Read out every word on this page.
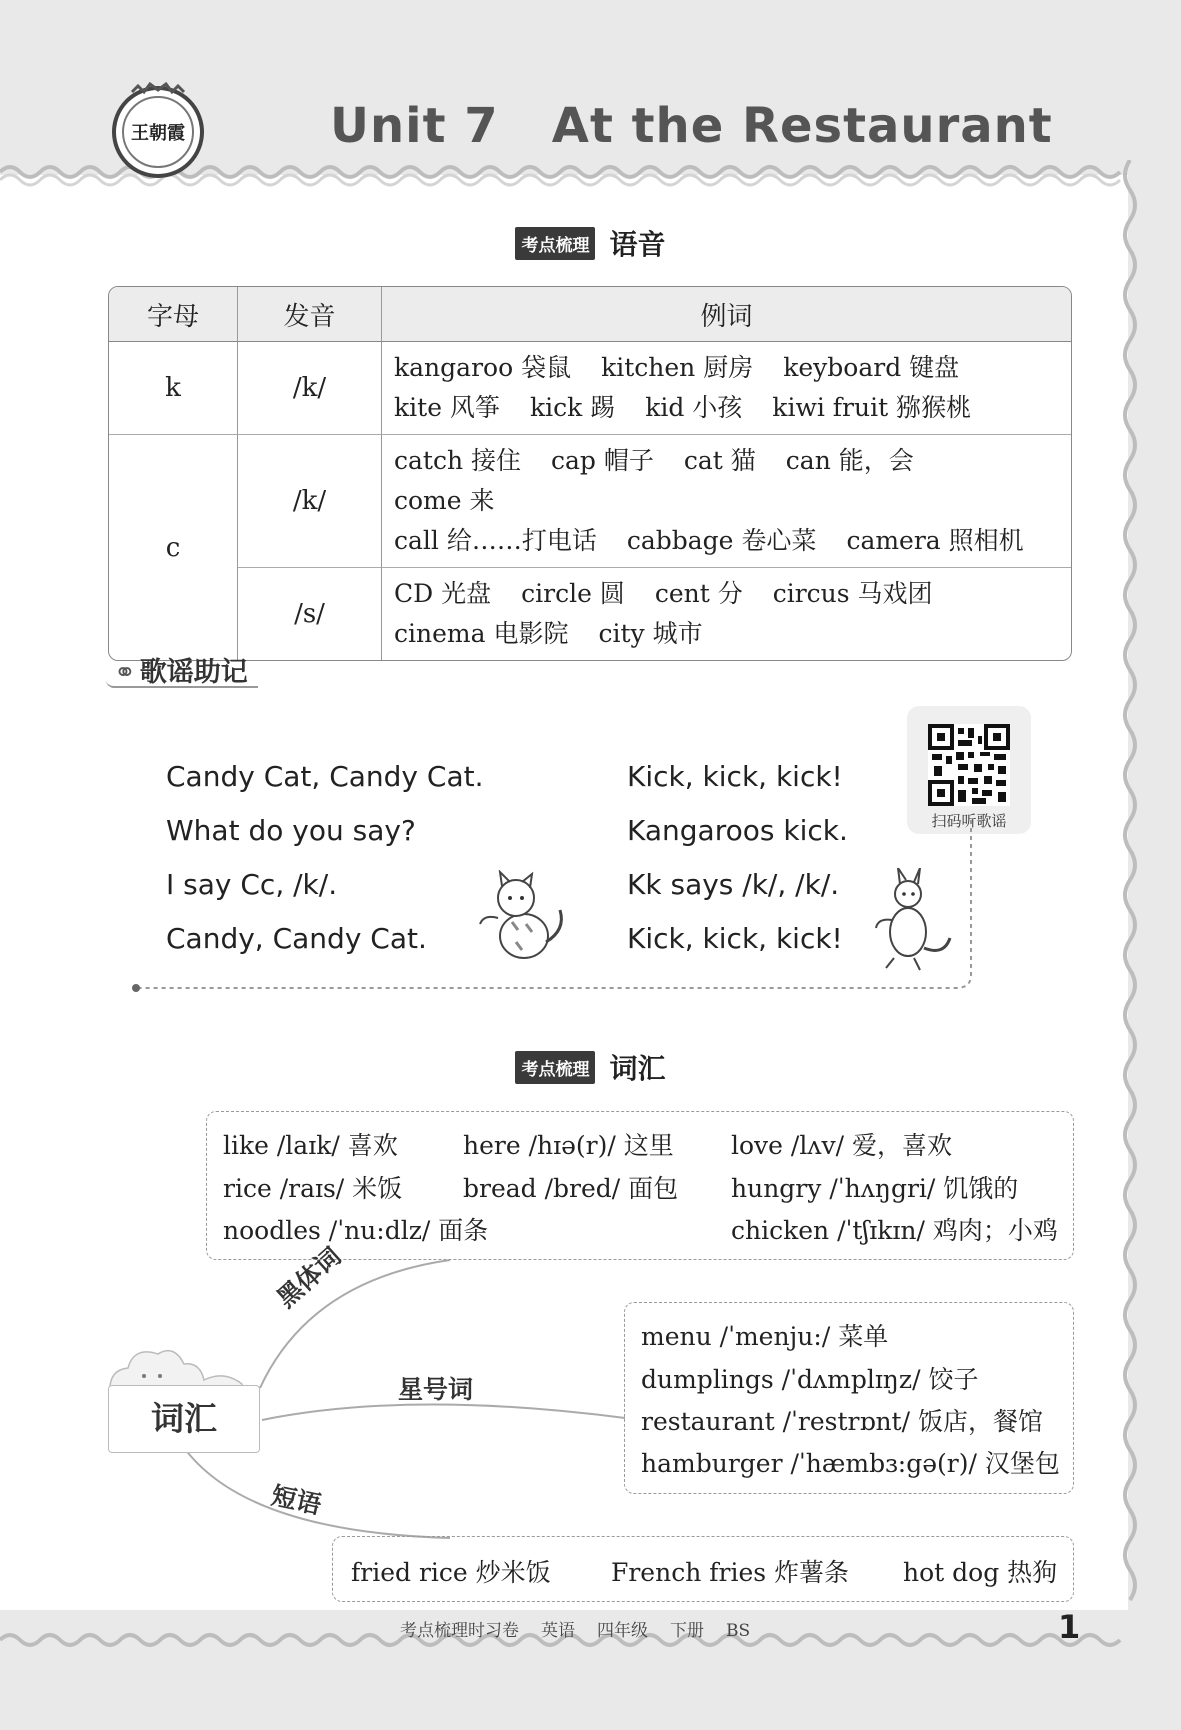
王朝霞	Unit 7   At the Restaurant
考点梳理 语音
字母	发音	例词
k	/k/	kangaroo 袋鼠 kitchen 厨房 keyboard 键盘
kite 风筝 kick 踢 kid 小孩 kiwi fruit 猕猴桃

c	/k/	catch 接住 cap 帽子 cat 猫 can 能，会come 来
call 给……打电话 cabbage 卷心菜 camera 照相机

	/s/	CD 光盘 circle 圆 cent 分 circus 马戏团
cinema 电影院 city 城市
⚭ 歌谣助记
Candy Cat, Candy Cat.
What do you say?
I say Cc, /k/.
Candy, Candy Cat.
Kick, kick, kick!
Kangaroos kick.
Kk says /k/, /k/.
Kick, kick, kick!
扫码听歌谣
考点梳理 词汇
like /laɪk/ 喜欢	here /hɪə(r)/ 这里 love /lʌv/ 爱，喜欢
rice /raɪs/ 米饭 bread /bred/ 面包 hungry /ˈhʌŋgri/ 饥饿的
noodles /ˈnu:dlz/ 面条	chicken /ˈtʃɪkɪn/ 鸡肉；小鸡
黑体词
星号词
短语
词汇
menu /ˈmenju:/ 菜单
dumplings /ˈdʌmplɪŋz/ 饺子
restaurant /ˈrestrɒnt/ 饭店，餐馆
hamburger /ˈhæmbɜ:gə(r)/ 汉堡包
fried rice 炒米饭 French fries 炸薯条 hot dog 热狗
考点梳理时习卷 英语 四年级 下册 BS	1
